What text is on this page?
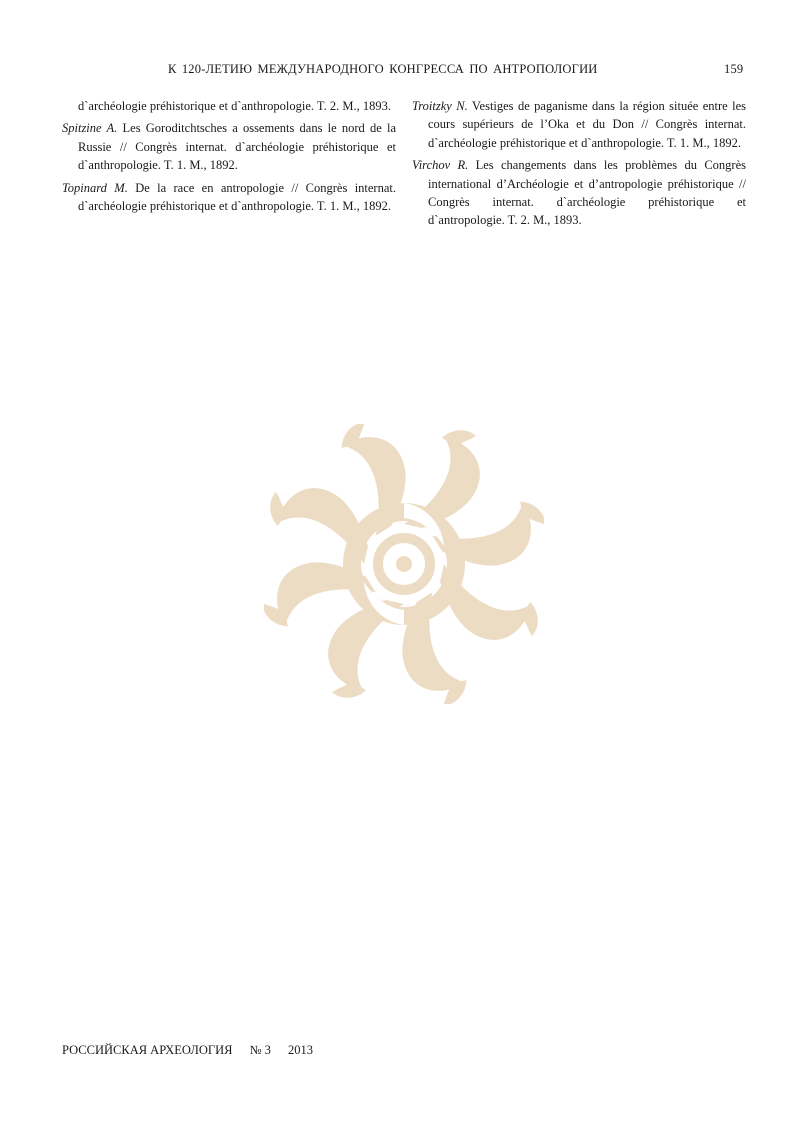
К 120-ЛЕТИЮ МЕЖДУНАРОДНОГО КОНГРЕССА ПО АНТРОПОЛОГИИ	159

d`archéologie préhistorique et d`anthropologie. T. 2. M., 1893.

Spitzine A. Les Goroditchtsches a ossements dans le nord de la Russie // Congrès internat. d`archéologie préhistorique et d`anthropologie. T. 1. M., 1892.

Topinard M. De la race en antropologie // Congrès internat. d`archéologie préhistorique et d`anthropologie. T. 1. M., 1892.

Troitzky N. Vestiges de paganisme dans la région située entre les cours supérieurs de l’Oka et du Don // Congrès internat. d`archéologie préhistorique et d`anthropologie. T. 1. M., 1892.

Virchov R. Les changements dans les problèmes du Congrès international d’Archéologie et d’antropologie préhistorique // Congrès internat. d`archéologie préhistorique et d`antropologie. T. 2. M., 1893.

РОССИЙСКАЯ АРХЕОЛОГИЯ № 3 2013
